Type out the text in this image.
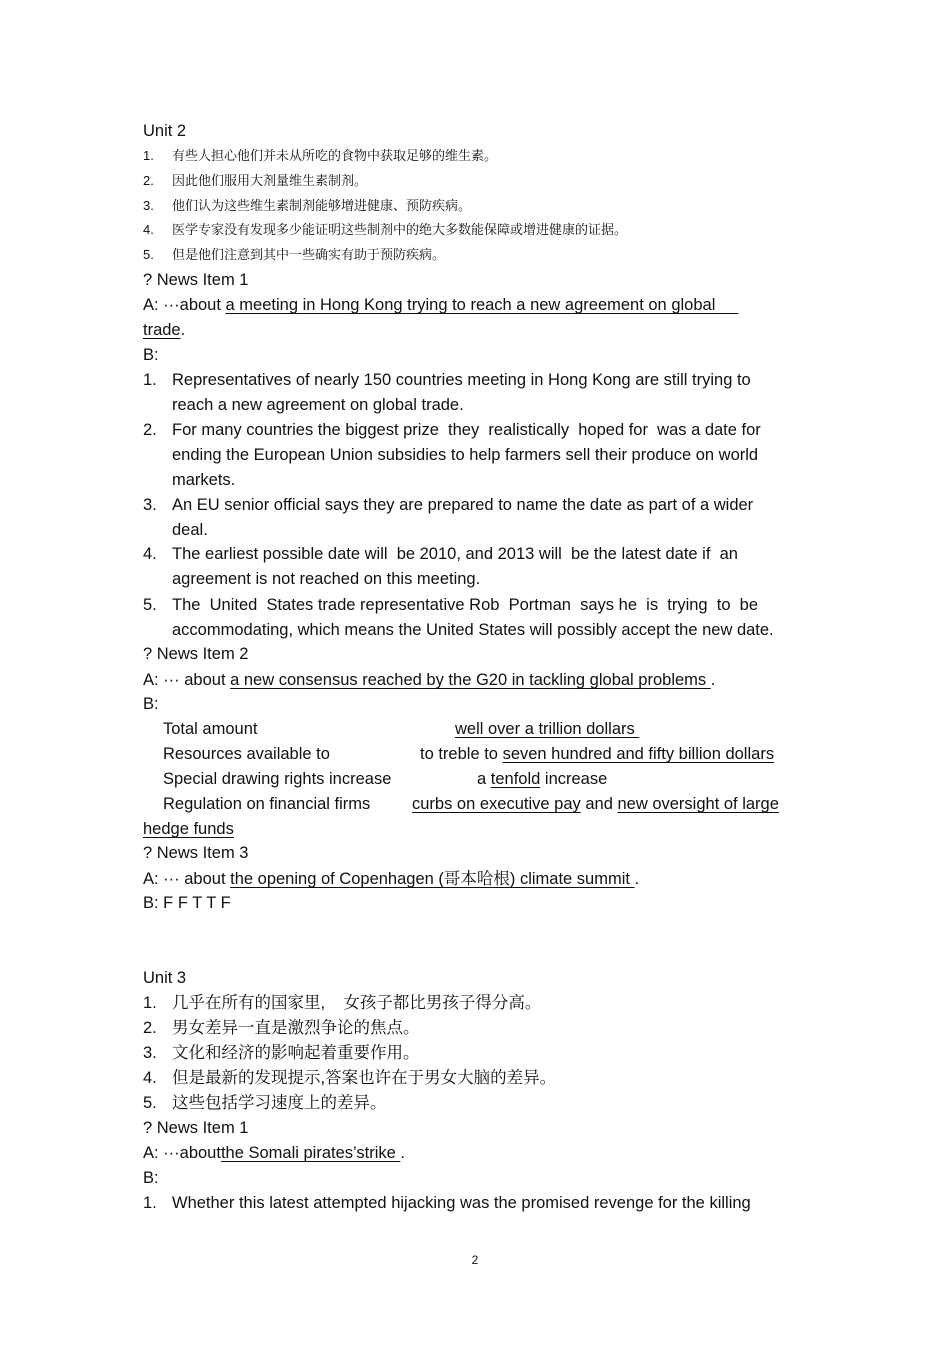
Unit 2
1. 有些人担心他们并未从所吃的食物中获取足够的维生素。
2. 因此他们服用大剂量维生素制剂。
3. 他们认为这些维生素制剂能够增进健康、预防疾病。
4. 医学专家没有发现多少能证明这些制剂中的绝大多数能保障或增进健康的证据。
5. 但是他们注意到其中一些确实有助于预防疾病。
? News Item 1
A: ···about a meeting in Hong Kong trying to reach a new agreement on global
trade.
B:
1. Representatives of nearly 150 countries meeting in Hong Kong are still trying to
reach a new agreement on global trade.
2. For many countries the biggest prize  they  realistically  hoped for  was a date for
ending the European Union subsidies to help farmers sell their produce on world
markets.
3. An EU senior official says they are prepared to name the date as part of a wider
deal.
4. The earliest possible date will  be 2010, and 2013 will  be the latest date if  an
agreement is not reached on this meeting.
5. The  United  States trade representative Rob  Portman  says he  is  trying  to  be
accommodating, which means the United States will possibly accept the new date.
? News Item 2
A: ··· about a new consensus reached by the G20 in tackling global problems .
B:
Total amount	well over a trillion dollars
Resources available to	to treble to seven hundred and fifty billion dollars
Special drawing rights increase	a tenfold increase
Regulation on financial firms	curbs on executive pay and new oversight of large
hedge funds
? News Item 3
A: ··· about the opening of Copenhagen (哥本哈根) climate summit .
B: F F T T F
Unit 3
1. 几乎在所有的国家里,    女孩子都比男孩子得分高。
2. 男女差异一直是激烈争论的焦点。
3. 文化和经济的影响起着重要作用。
4. 但是最新的发现提示,答案也许在于男女大脑的差异。
5. 这些包括学习速度上的差异。
? News Item 1
A: ···aboutthe Somali pirates’strike .
B:
1. Whether this latest attempted hijacking was the promised revenge for the killing
2
